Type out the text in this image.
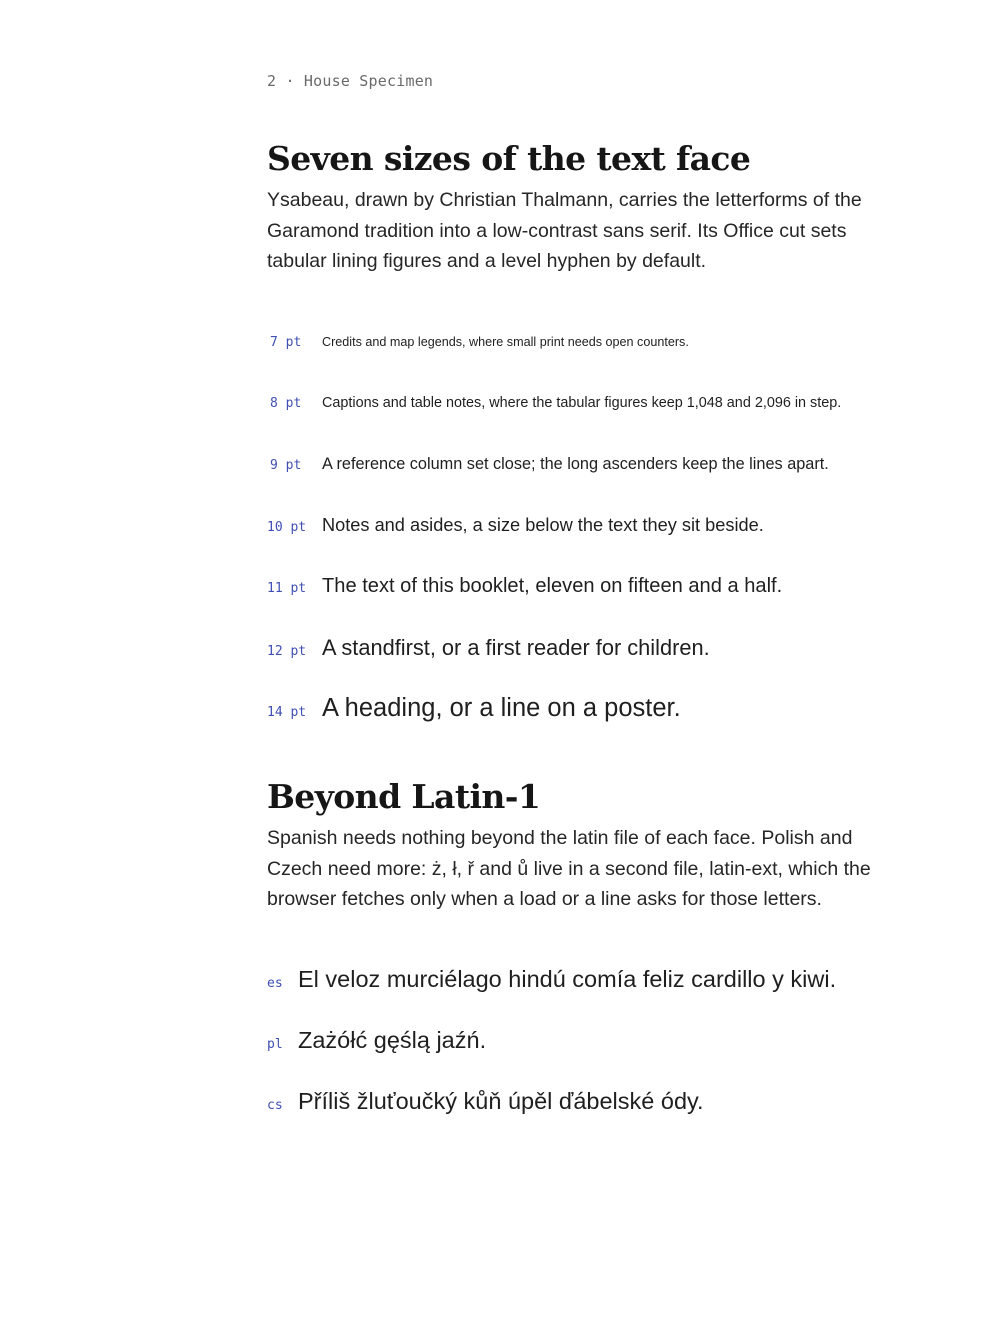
2 · House Specimen
Seven sizes of the text face

Ysabeau, drawn by Christian Thalmann, carries the letterforms of the Garamond tradition into a low-contrast sans serif. Its Office cut sets tabular lining figures and a level hyphen by default.

7 pt	Credits and map legends, where small print needs open counters.
8 pt	Captions and table notes, where the tabular figures keep 1,048 and 2,096 in step.
9 pt	A reference column set close; the long ascenders keep the lines apart.
10 pt Notes and asides, a size below the text they sit beside.
11 pt The text of this booklet, eleven on fifteen and a half.
12 pt A standfirst, or a first reader for children.
14 pt A heading, or a line on a poster.
Beyond Latin-1

Spanish needs nothing beyond the latin file of each face. Polish and Czech need more: ż, ł, ř and ů live in a second file, latin-ext, which the browser fetches only when a load or a line asks for those letters.

es El veloz murciélago hindú comía feliz cardillo y kiwi.
pl Zażółć gęślą jaźń.
cs Příliš žluťoučký kůň úpěl ďábelské ódy.
